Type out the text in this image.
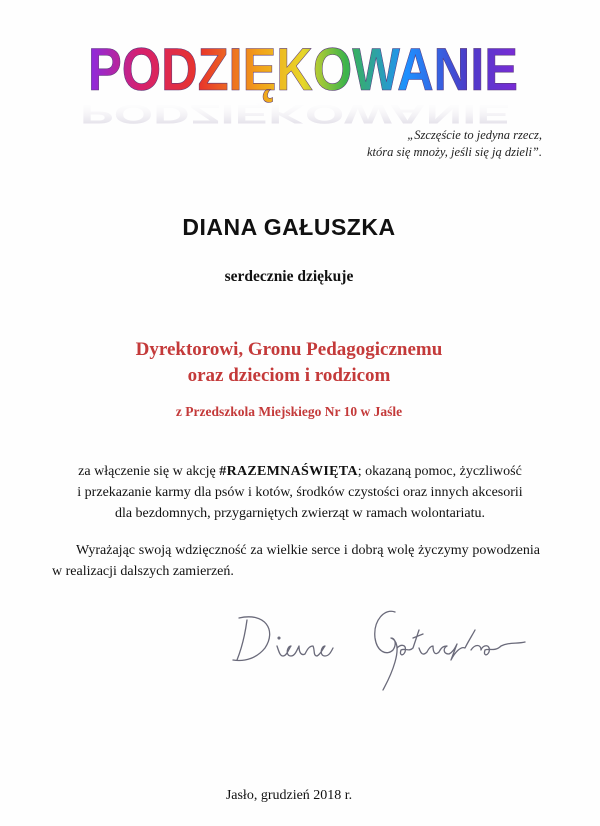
PODZIĘKOWANIE
PODZIĘKOWANIE
„Szczęście to jedyna rzecz,
która się mnoży, jeśli się ją dzieli”.
DIANA GAŁUSZKA
serdecznie dziękuje
Dyrektorowi, Gronu Pedagogicznemu
oraz dzieciom i rodzicom
z Przedszkola Miejskiego Nr 10 w Jaśle
za włączenie się w akcję #RAZEMNAŚWIĘTA; okazaną pomoc, życzliwość
i przekazanie karmy dla psów i kotów, środków czystości oraz innych akcesorii
dla bezdomnych, przygarniętych zwierząt w ramach wolontariatu.
Wyrażając swoją wdzięczność za wielkie serce i dobrą wolę życzymy powodzenia w realizacji dalszych zamierzeń.
Diana Gałuszka
Jasło, grudzień 2018 r.
